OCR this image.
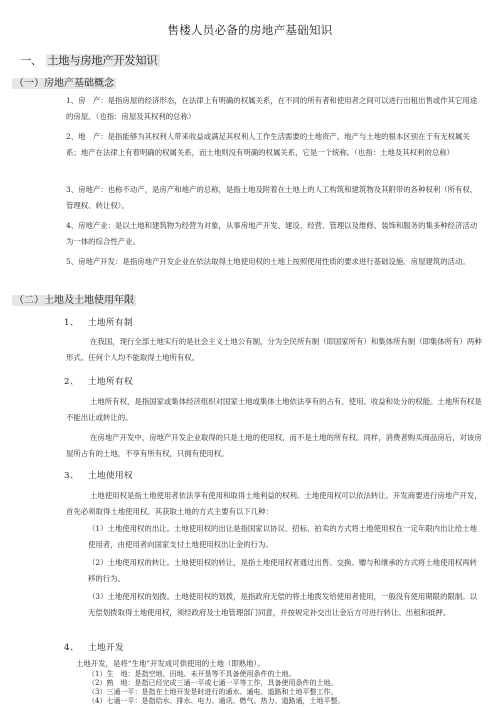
售楼人员必备的房地产基础知识
一、 土地与房地产开发知识
（一）房地产基础概念
1、房　产：是指房屋的经济形态，在法律上有明确的权属关系，在不同的所有者和使用者之间可以进行出租出售或作其它用途的房屋。（也指：房屋及其权利的总称）
2、地　产：是指能够为其权利人带来收益或满足其权利人工作生活需要的土地资产。地产与土地的根本区别在于有无权属关系；地产在法律上有着明确的权属关系，而土地则没有明确的权属关系，它是一个统称。（也指：土地及其权利的总称）
3、房地产：也称不动产，是房产和地产的总称，是指土地及附着在土地上的人工构筑和建筑物及其附带的各种权利（所有权、管理权、转让权）。
4、房地产业：是以土地和建筑物为经营为对象，从事房地产开发、建设、经营、管理以及维修、装饰和服务的集多种经济活动为一体的综合性产业。
5、房地产开发：是指房地产开发企业在依法取得土地使用权的土地上按照使用性质的要求进行基础设施、房屋建筑的活动。
（二）土地及土地使用年限
1、 土地所有制
在我国，现行全部土地实行的是社会主义土地公有制，分为全民所有制（即国家所有）和集体所有制（即集体所有）两种形式。任何个人均不能取得土地所有权。
2、 土地所有权
土地所有权，是指国家或集体经济组织对国家土地或集体土地依法享有的占有、使用、收益和处分的权能。土地所有权是不能出让或转让的。
在房地产开发中，房地产开发企业取得的只是土地的使用权，而不是土地的所有权。同样，消费者购买商品房后，对该房屋所占有的土地，不享有所有权，只拥有使用权。
3、 土地使用权
土地使用权是指土地使用者依法享有使用和取得土地利益的权利。土地使用权可以依法转让。开发商要进行房地产开发，首先必须取得土地使用权。其获取土地的方式主要有以下几种：
（1）土地使用权的出让。土地使用权的出让是指国家以协议、招标、拍卖的方式将土地使用权在一定年限内出让给土地使用者，由使用者向国家支付土地使用权出让金的行为。
（2）土地使用权的转让。土地使用权的转让，是指土地使用权者通过出售、交换、赠与和继承的方式将土地使用权再转移的行为。
（3）土地使用权的划拨。土地使用权的划拨，是指政府无偿的将土地拨发给使用者使用，一般没有使用期限的限制。以无偿划拨取得土地使用权，须经政府及土地管理部门同意，并按规定补交出让金后方可进行转让、出租和抵押。
4、 土地开发
土地开发，是将“生地”开发成可供使用的土地（即熟地）。
（1）生　地：是指空地、田地、未开垦等不具备使用条件的土地。
（2）熟　地：是指已经完成三通一平或七通一平等工作，具备使用条件的土地。
（3）三通一平：是指在土地开发是时进行的通水、通电、道路和土地平整工作。
（4）七通一平：是指给水、排水、电力、通讯、燃气、热力、道路通，土地平整。
